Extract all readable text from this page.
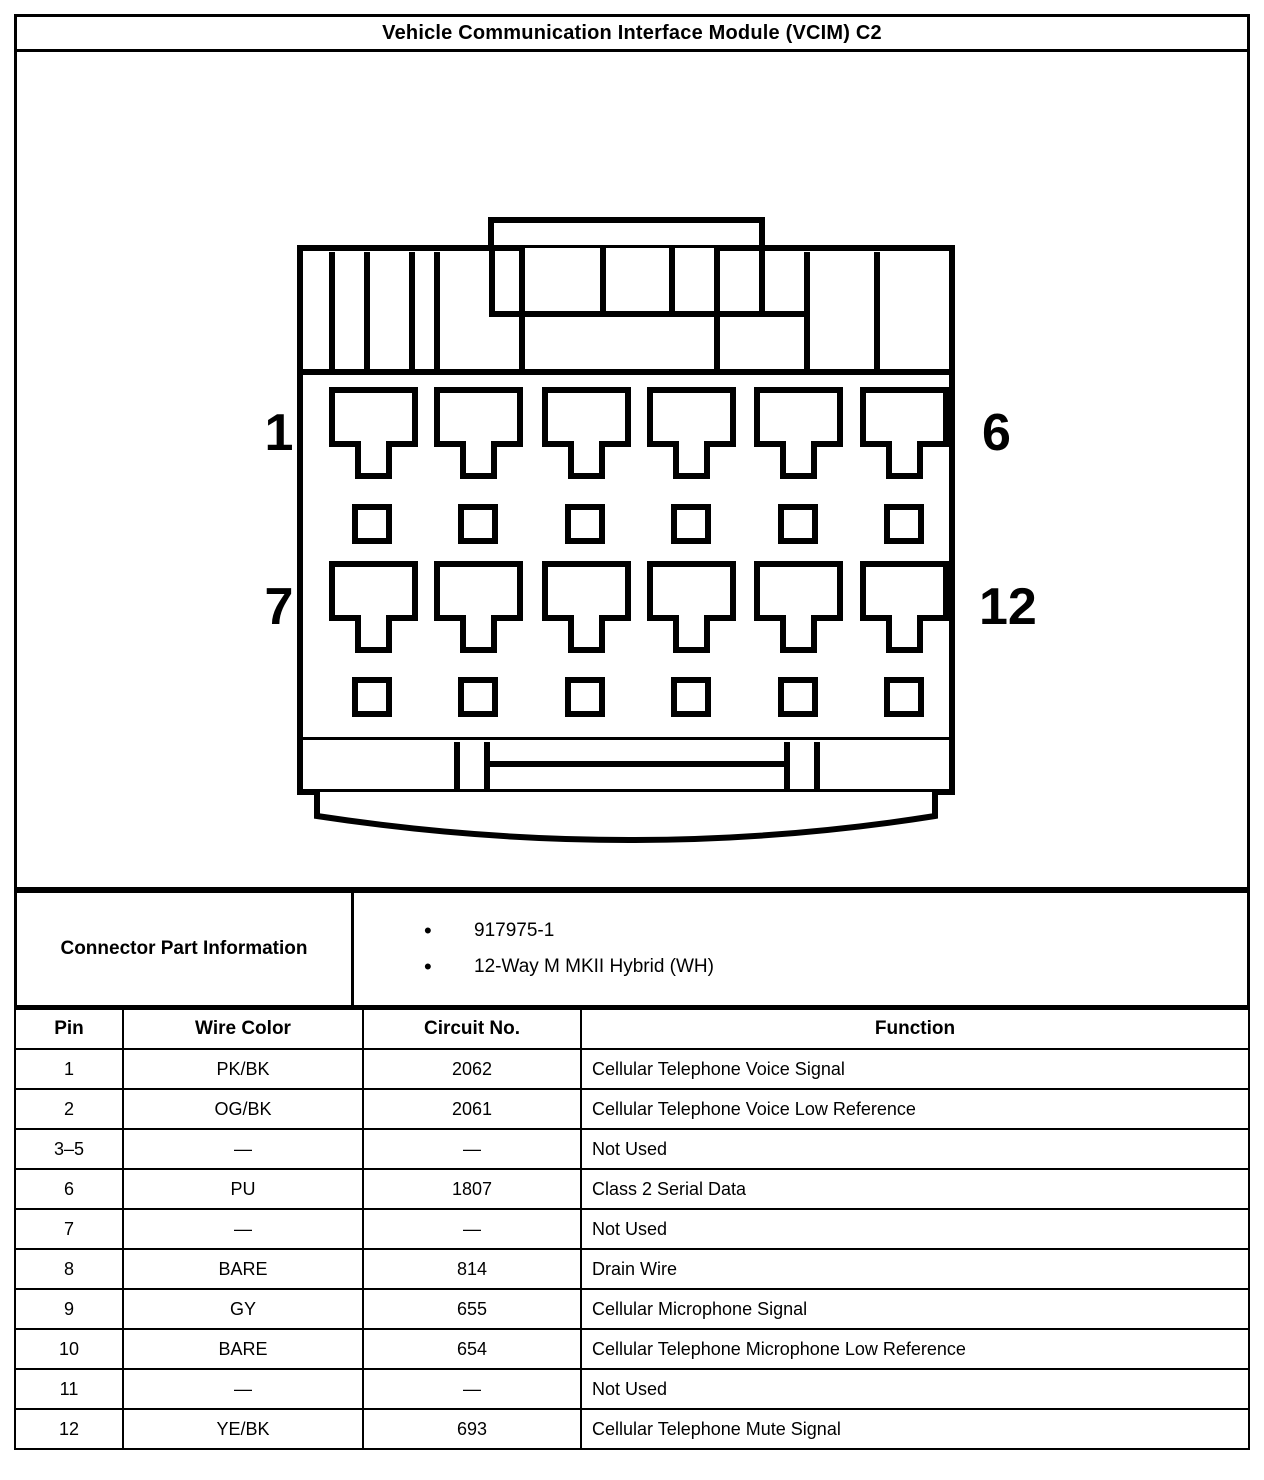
Vehicle Communication Interface Module (VCIM) C2
1	6
7	12
Connector Part Information
• 917975-1
• 12-Way M MKII Hybrid (WH)
Pin	Wire Color	Circuit No.	Function
1	PK/BK	2062	Cellular Telephone Voice Signal
2	OG/BK	2061	Cellular Telephone Voice Low Reference
3–5	—	—	Not Used
6	PU	1807	Class 2 Serial Data
7	—	—	Not Used
8	BARE	814	Drain Wire
9	GY	655	Cellular Microphone Signal
10	BARE	654	Cellular Telephone Microphone Low Reference
11	—	—	Not Used
12	YE/BK	693	Cellular Telephone Mute Signal
